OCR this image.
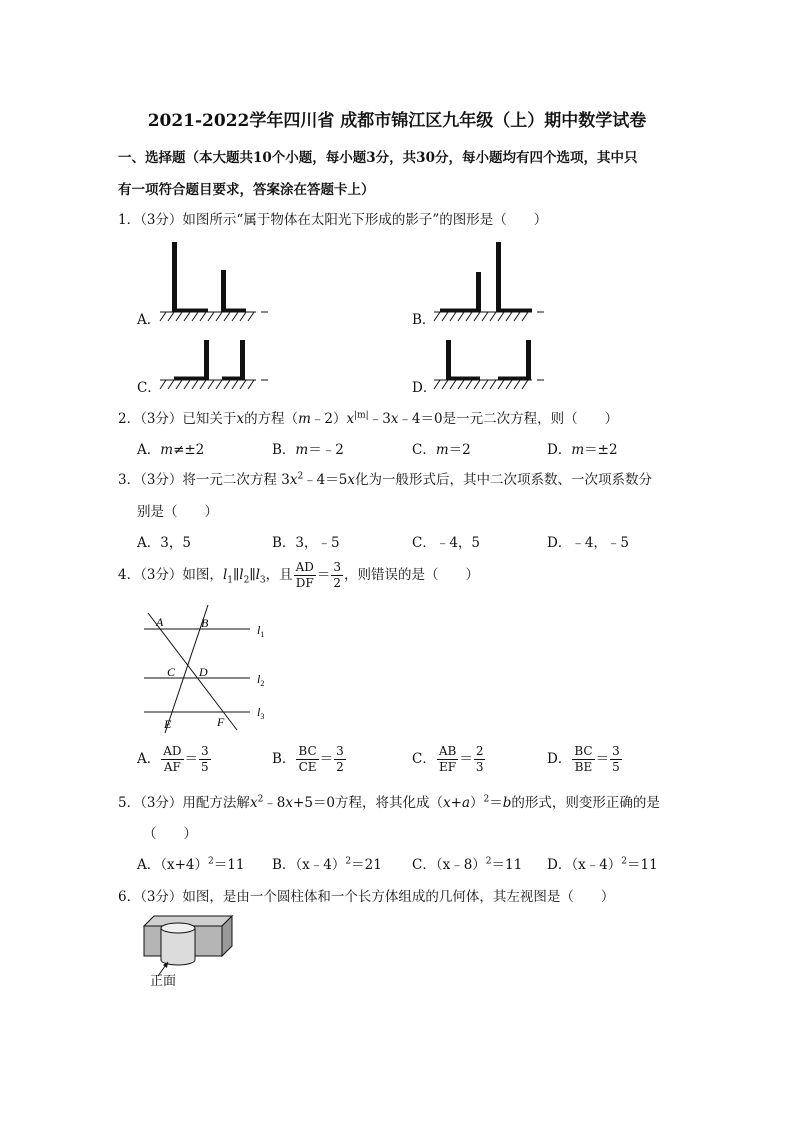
2021-2022学年四川省 成都市锦江区九年级（上）期中数学试卷
一、选择题（本大题共10个小题，每小题3分，共30分，每小题均有四个选项，其中只
有一项符合题目要求，答案涂在答题卡上）
1．（3分）如图所示“属于物体在太阳光下形成的影子”的图形是（　　）
A．	B．
C．	D．
2．（3分）已知关于x的方程$(m﹣2)x^{|m|}﹣3x﹣4=0$是一元二次方程，则（　　）
A．m≠±2	B．m＝﹣2	C．m＝2	D．m＝±2
3．（3分）将一元二次方程 $3x^2﹣4=5x$化为一般形式后，其中二次项系数、一次项系数分
别是（　　）
A．3，5	B．3，﹣5	C．﹣4，5	D．﹣4，﹣5
4．（3分）如图，$l_1\parallel l_2\parallel l_3$，且 $\frac{AD}{DF} = \frac{3}{2}$ ，则错误的是（　　）
A	B
C D
E	F
$l_1$
$l_2$
$l_3$
A． $\frac{AD}{AF} = \frac{3}{5}$	B． $\frac{BC}{CE} = \frac{3}{2}$	C． $\frac{AB}{EF} = \frac{2}{3}$	D． $\frac{BC}{BE} = \frac{3}{5}$
5．（3分）用配方法解$x^2﹣8x+5=0$方程，将其化成$(x+a)^2=b$的形式，则变形正确的是
（　　）
A．$(x+4)^2=11$ B．（x﹣4）$^2$＝21 C．（x﹣8）$^2$＝11 D．（x﹣4）$^2$＝11
6．（3分）如图，是由一个圆柱体和一个长方体组成的几何体，其左视图是（　　）
正面
